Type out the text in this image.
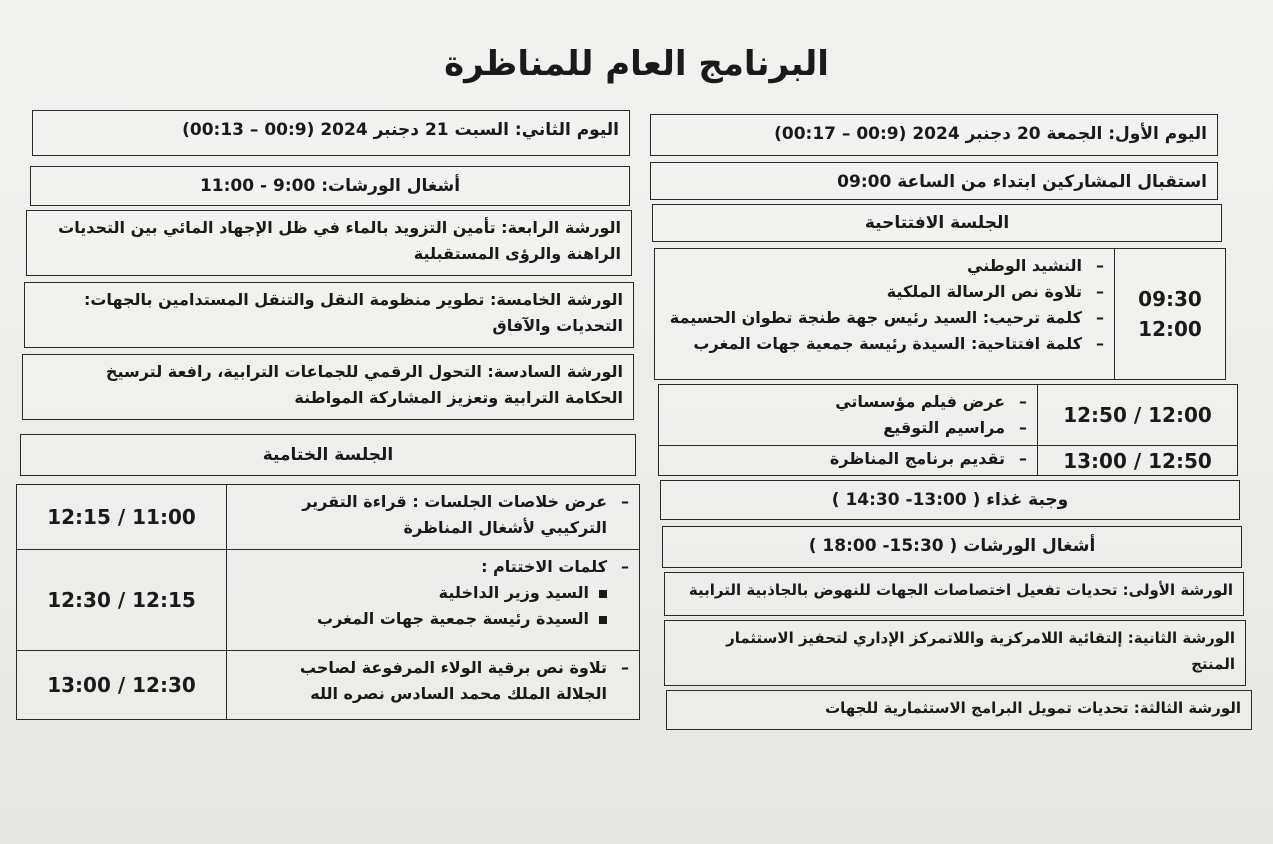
البرنامج العام للمناظرة
اليوم الأول: الجمعة 20 دجنبر 2024 (00:9 – 00:17)
استقبال المشاركين ابتداء من الساعة 09:00
الجلسة الافتتاحية
09:30
12:00
–النشيد الوطني
–تلاوة نص الرسالة الملكية
–كلمة ترحيب: السيد رئيس جهة طنجة تطوان الحسيمة
–كلمة افتتاحية: السيدة رئيسة جمعية جهات المغرب
12:50 / 12:00
–عرض فيلم مؤسساتي
–مراسيم التوقيع
13:00 / 12:50
–تقديم برنامج المناظرة
وجبة غذاء ( 13:00- 14:30 )
أشغال الورشات ( 15:30- 18:00 )
الورشة الأولى: تحديات تفعيل اختصاصات الجهات للنهوض بالجاذبية الترابية
الورشة الثانية: إلتقائية اللامركزية واللاتمركز الإداري لتحفيز الاستثمار
المنتج
الورشة الثالثة: تحديات تمويل البرامج الاستثمارية للجهات
اليوم الثاني: السبت 21 دجنبر 2024 (00:9 – 00:13)
أشغال الورشات: 9:00 - 11:00
الورشة الرابعة: تأمين التزويد بالماء في ظل الإجهاد المائي بين التحديات
الراهنة والرؤى المستقبلية
الورشة الخامسة: تطوير منظومة النقل والتنقل المستدامين بالجهات:
التحديات والآفاق
الورشة السادسة: التحول الرقمي للجماعات الترابية، رافعة لترسيخ
الحكامة الترابية وتعزيز المشاركة المواطنة
الجلسة الختامية
–عرض خلاصات الجلسات : قراءة التقرير
التركيبي لأشغال المناظرة
12:15 / 11:00
–كلمات الاختتام :
السيد وزير الداخلية
السيدة رئيسة جمعية جهات المغرب
12:30 / 12:15
–تلاوة نص برقية الولاء المرفوعة لصاحب
الجلالة الملك محمد السادس نصره الله
13:00 / 12:30
